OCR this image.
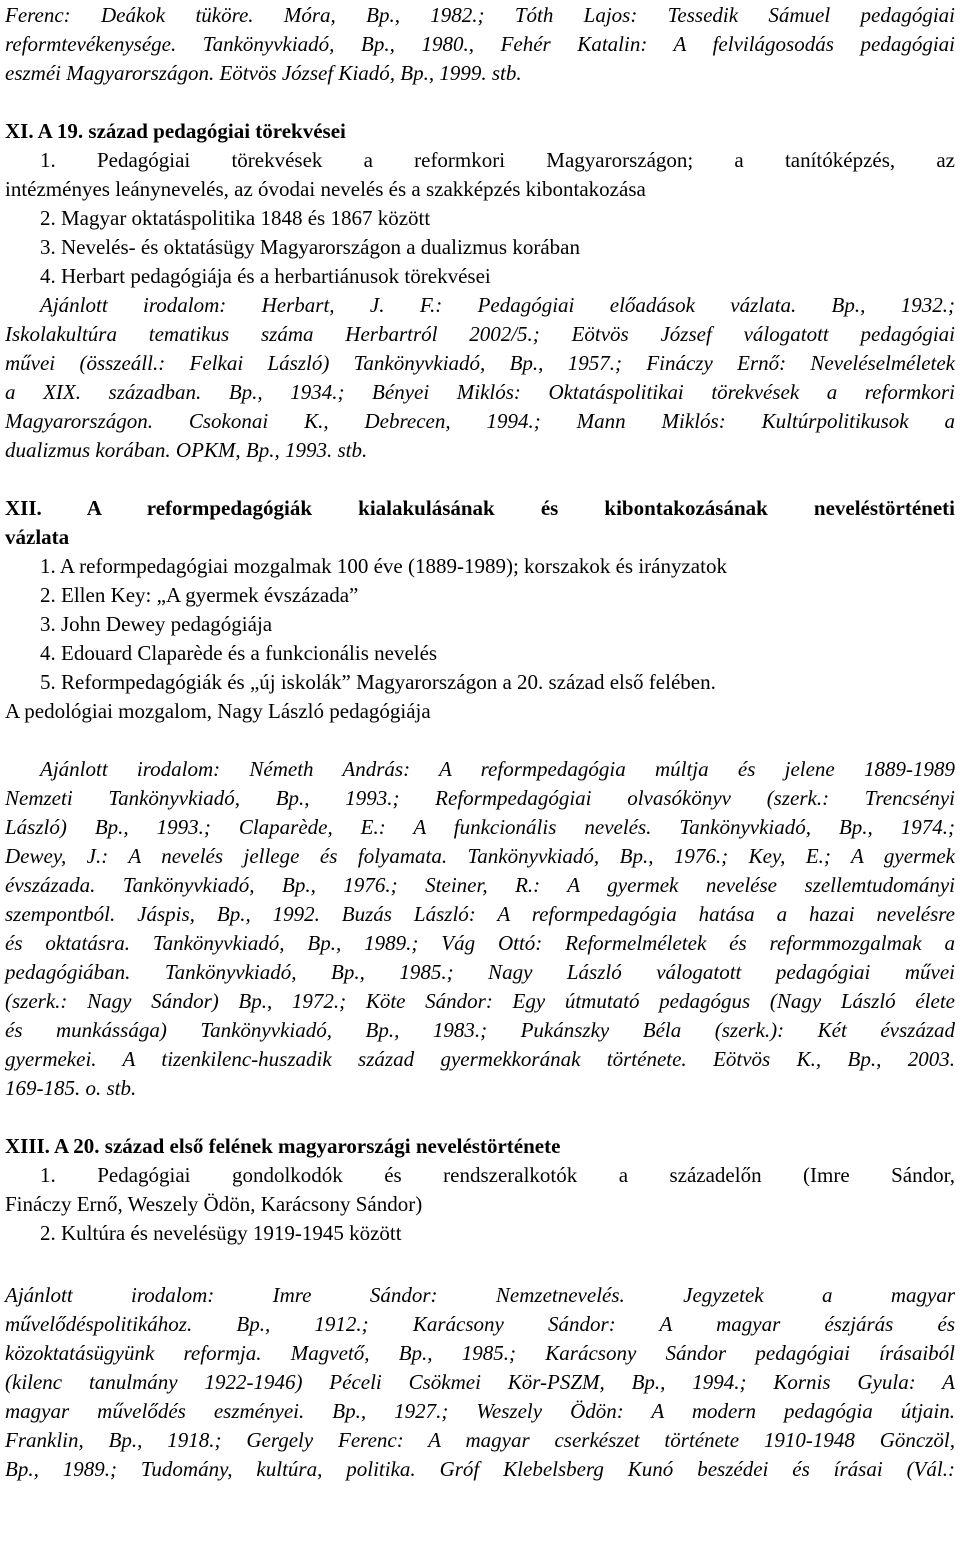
Ferenc: Deákok tüköre. Móra, Bp., 1982.; Tóth Lajos: Tessedik Sámuel pedagógiai
reformtevékenysége. Tankönyvkiadó, Bp., 1980., Fehér Katalin: A felvilágosodás pedagógiai
eszméi Magyarországon. Eötvös József Kiadó, Bp., 1999. stb.
XI. A 19. század pedagógiai törekvései
1. Pedagógiai törekvések a reformkori Magyarországon; a tanítóképzés, az
intézményes leánynevelés, az óvodai nevelés és a szakképzés kibontakozása
2. Magyar oktatáspolitika 1848 és 1867 között
3. Nevelés- és oktatásügy Magyarországon a dualizmus korában
4. Herbart pedagógiája és a herbartiánusok törekvései
Ajánlott irodalom: Herbart, J. F.: Pedagógiai előadások vázlata. Bp., 1932.;
Iskolakultúra tematikus száma Herbartról 2002/5.; Eötvös József válogatott pedagógiai
művei (összeáll.: Felkai László) Tankönyvkiadó, Bp., 1957.; Fináczy Ernő: Neveléselméletek
a XIX. században. Bp., 1934.; Bényei Miklós: Oktatáspolitikai törekvések a reformkori
Magyarországon. Csokonai K., Debrecen, 1994.; Mann Miklós: Kultúrpolitikusok a
dualizmus korában. OPKM, Bp., 1993. stb.
XII. A reformpedagógiák kialakulásának és kibontakozásának neveléstörténeti
vázlata
1. A reformpedagógiai mozgalmak 100 éve (1889-1989); korszakok és irányzatok
2. Ellen Key: „A gyermek évszázada”
3. John Dewey pedagógiája
4. Edouard Claparède és a funkcionális nevelés
5. Reformpedagógiák és „új iskolák” Magyarországon a 20. század első felében.
A pedológiai mozgalom, Nagy László pedagógiája
Ajánlott irodalom: Németh András: A reformpedagógia múltja és jelene 1889-1989
Nemzeti Tankönyvkiadó, Bp., 1993.; Reformpedagógiai olvasókönyv (szerk.: Trencsényi
László) Bp., 1993.; Claparède, E.: A funkcionális nevelés. Tankönyvkiadó, Bp., 1974.;
Dewey, J.: A nevelés jellege és folyamata. Tankönyvkiadó, Bp., 1976.; Key, E.; A gyermek
évszázada. Tankönyvkiadó, Bp., 1976.; Steiner, R.: A gyermek nevelése szellemtudományi
szempontból. Jáspis, Bp., 1992. Buzás László: A reformpedagógia hatása a hazai nevelésre
és oktatásra. Tankönyvkiadó, Bp., 1989.; Vág Ottó: Reformelméletek és reformmozgalmak a
pedagógiában. Tankönyvkiadó, Bp., 1985.; Nagy László válogatott pedagógiai művei
(szerk.: Nagy Sándor) Bp., 1972.; Köte Sándor: Egy útmutató pedagógus (Nagy László élete
és munkássága) Tankönyvkiadó, Bp., 1983.; Pukánszky Béla (szerk.): Két évszázad
gyermekei. A tizenkilenc-huszadik század gyermekkorának története. Eötvös K., Bp., 2003.
169-185. o. stb.
XIII. A 20. század első felének magyarországi neveléstörténete
1. Pedagógiai gondolkodók és rendszeralkotók a századelőn (Imre Sándor,
Fináczy Ernő, Weszely Ödön, Karácsony Sándor)
2. Kultúra és nevelésügy 1919-1945 között
Ajánlott irodalom: Imre Sándor: Nemzetnevelés. Jegyzetek a magyar
művelődéspolitikához. Bp., 1912.; Karácsony Sándor: A magyar észjárás és
közoktatásügyünk reformja. Magvető, Bp., 1985.; Karácsony Sándor pedagógiai írásaiból
(kilenc tanulmány 1922-1946) Péceli Csökmei Kör-PSZM, Bp., 1994.; Kornis Gyula: A
magyar művelődés eszményei. Bp., 1927.; Weszely Ödön: A modern pedagógia útjain.
Franklin, Bp., 1918.; Gergely Ferenc: A magyar cserkészet története 1910-1948 Gönczöl,
Bp., 1989.; Tudomány, kultúra, politika. Gróf Klebelsberg Kunó beszédei és írásai (Vál.:
